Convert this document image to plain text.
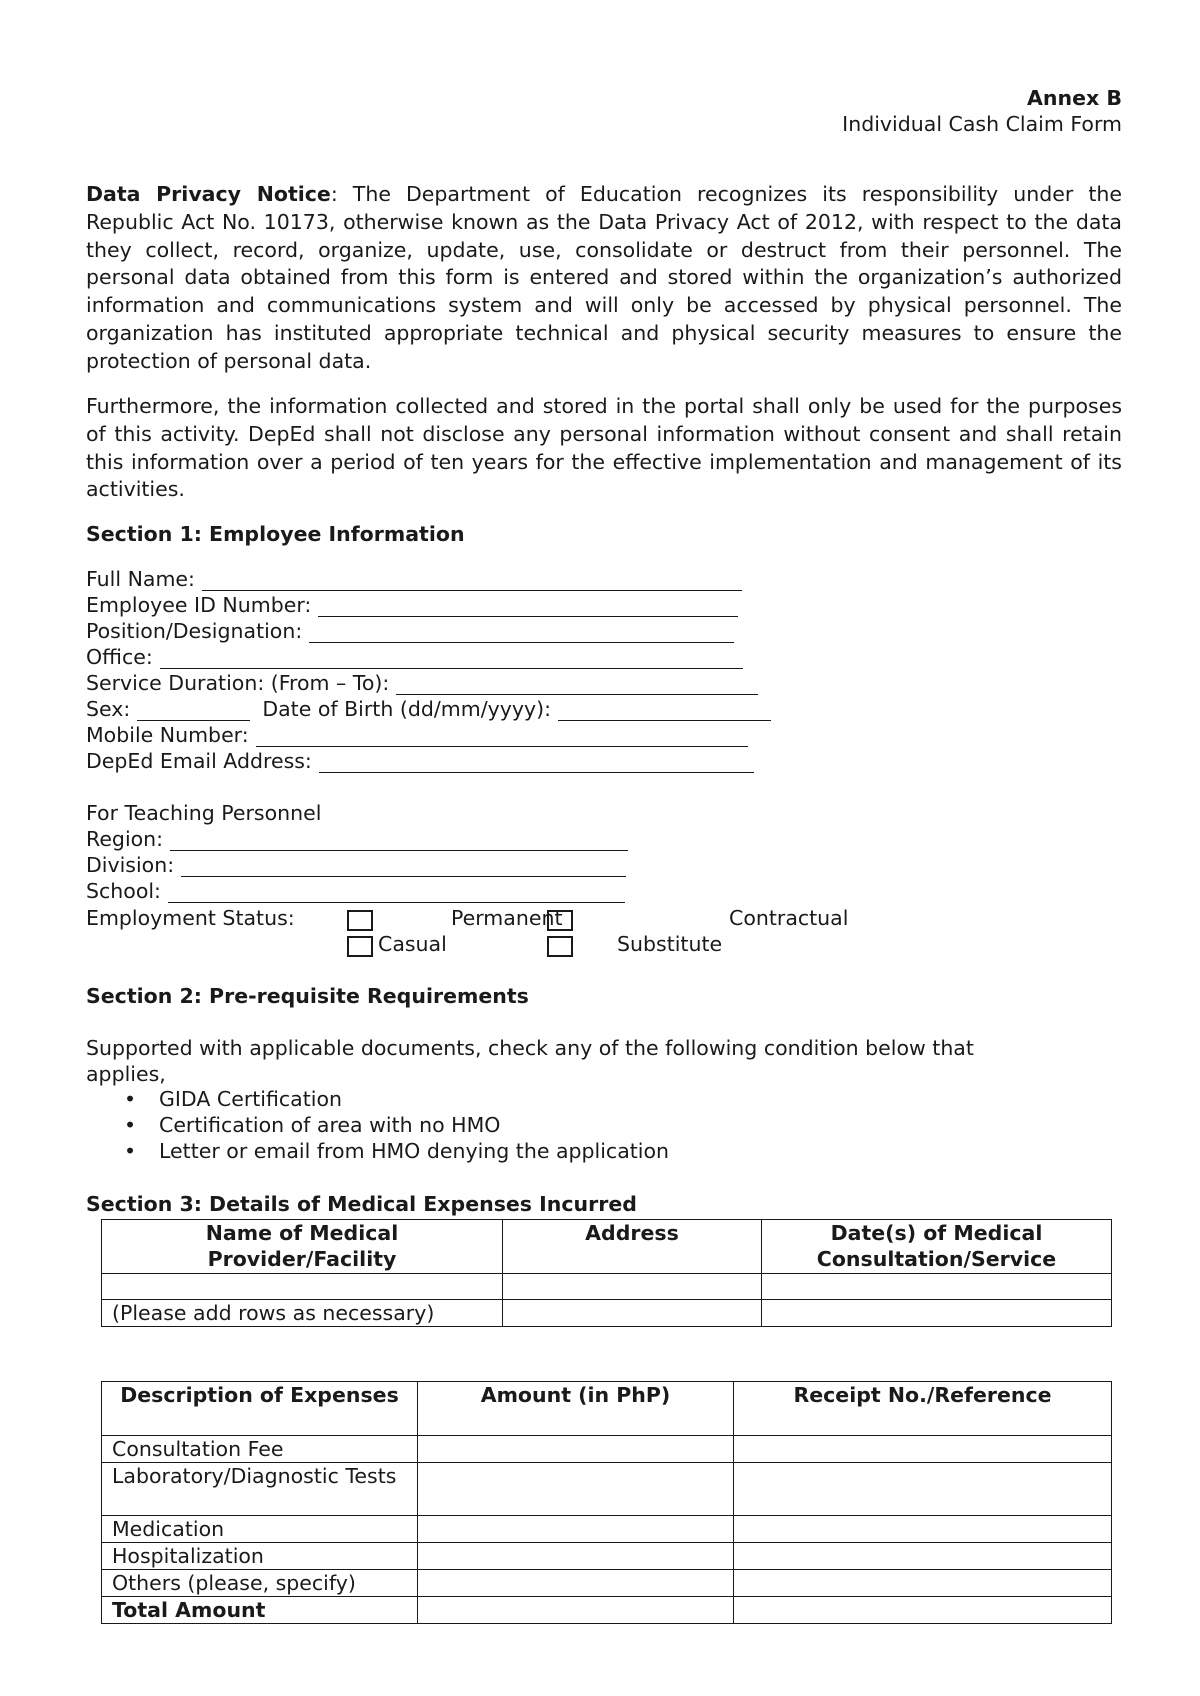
Annex B
Individual Cash Claim Form

Data Privacy Notice: The Department of Education recognizes its responsibility under the Republic Act No. 10173, otherwise known as the Data Privacy Act of 2012, with respect to the data they collect, record, organize, update, use, consolidate or destruct from their personnel. The personal data obtained from this form is entered and stored within the organization’s authorized information and communications system and will only be accessed by physical personnel. The organization has instituted appropriate technical and physical security measures to ensure the protection of personal data.

Furthermore, the information collected and stored in the portal shall only be used for the purposes of this activity. DepEd shall not disclose any personal information without consent and shall retain this information over a period of ten years for the effective implementation and management of its activities.

Section 1: Employee Information
Full Name:
Employee ID Number:
Position/Designation:
Office:
Service Duration: (From – To):
Sex:	Date of Birth (dd/mm/yyyy):
Mobile Number:
DepEd Email Address:
For Teaching Personnel
Region:
Division:
School:
Employment Status:	Permanent	Contractual
Casual	Substitute
Section 2: Pre-requisite Requirements
Supported with applicable documents, check any of the following condition below that
applies,
• GIDA Certification
• Certification of area with no HMO
• Letter or email from HMO denying the application
Section 3: Details of Medical Expenses Incurred
Name of Medical Provider/Facility	Address	Date(s) of Medical Consultation/Service

(Please add rows as necessary)		
Description of Expenses	Amount (in PhP)	Receipt No./Reference
Consultation Fee		
Laboratory/Diagnostic Tests		
Medication		
Hospitalization		
Others (please, specify)		
Total Amount		
